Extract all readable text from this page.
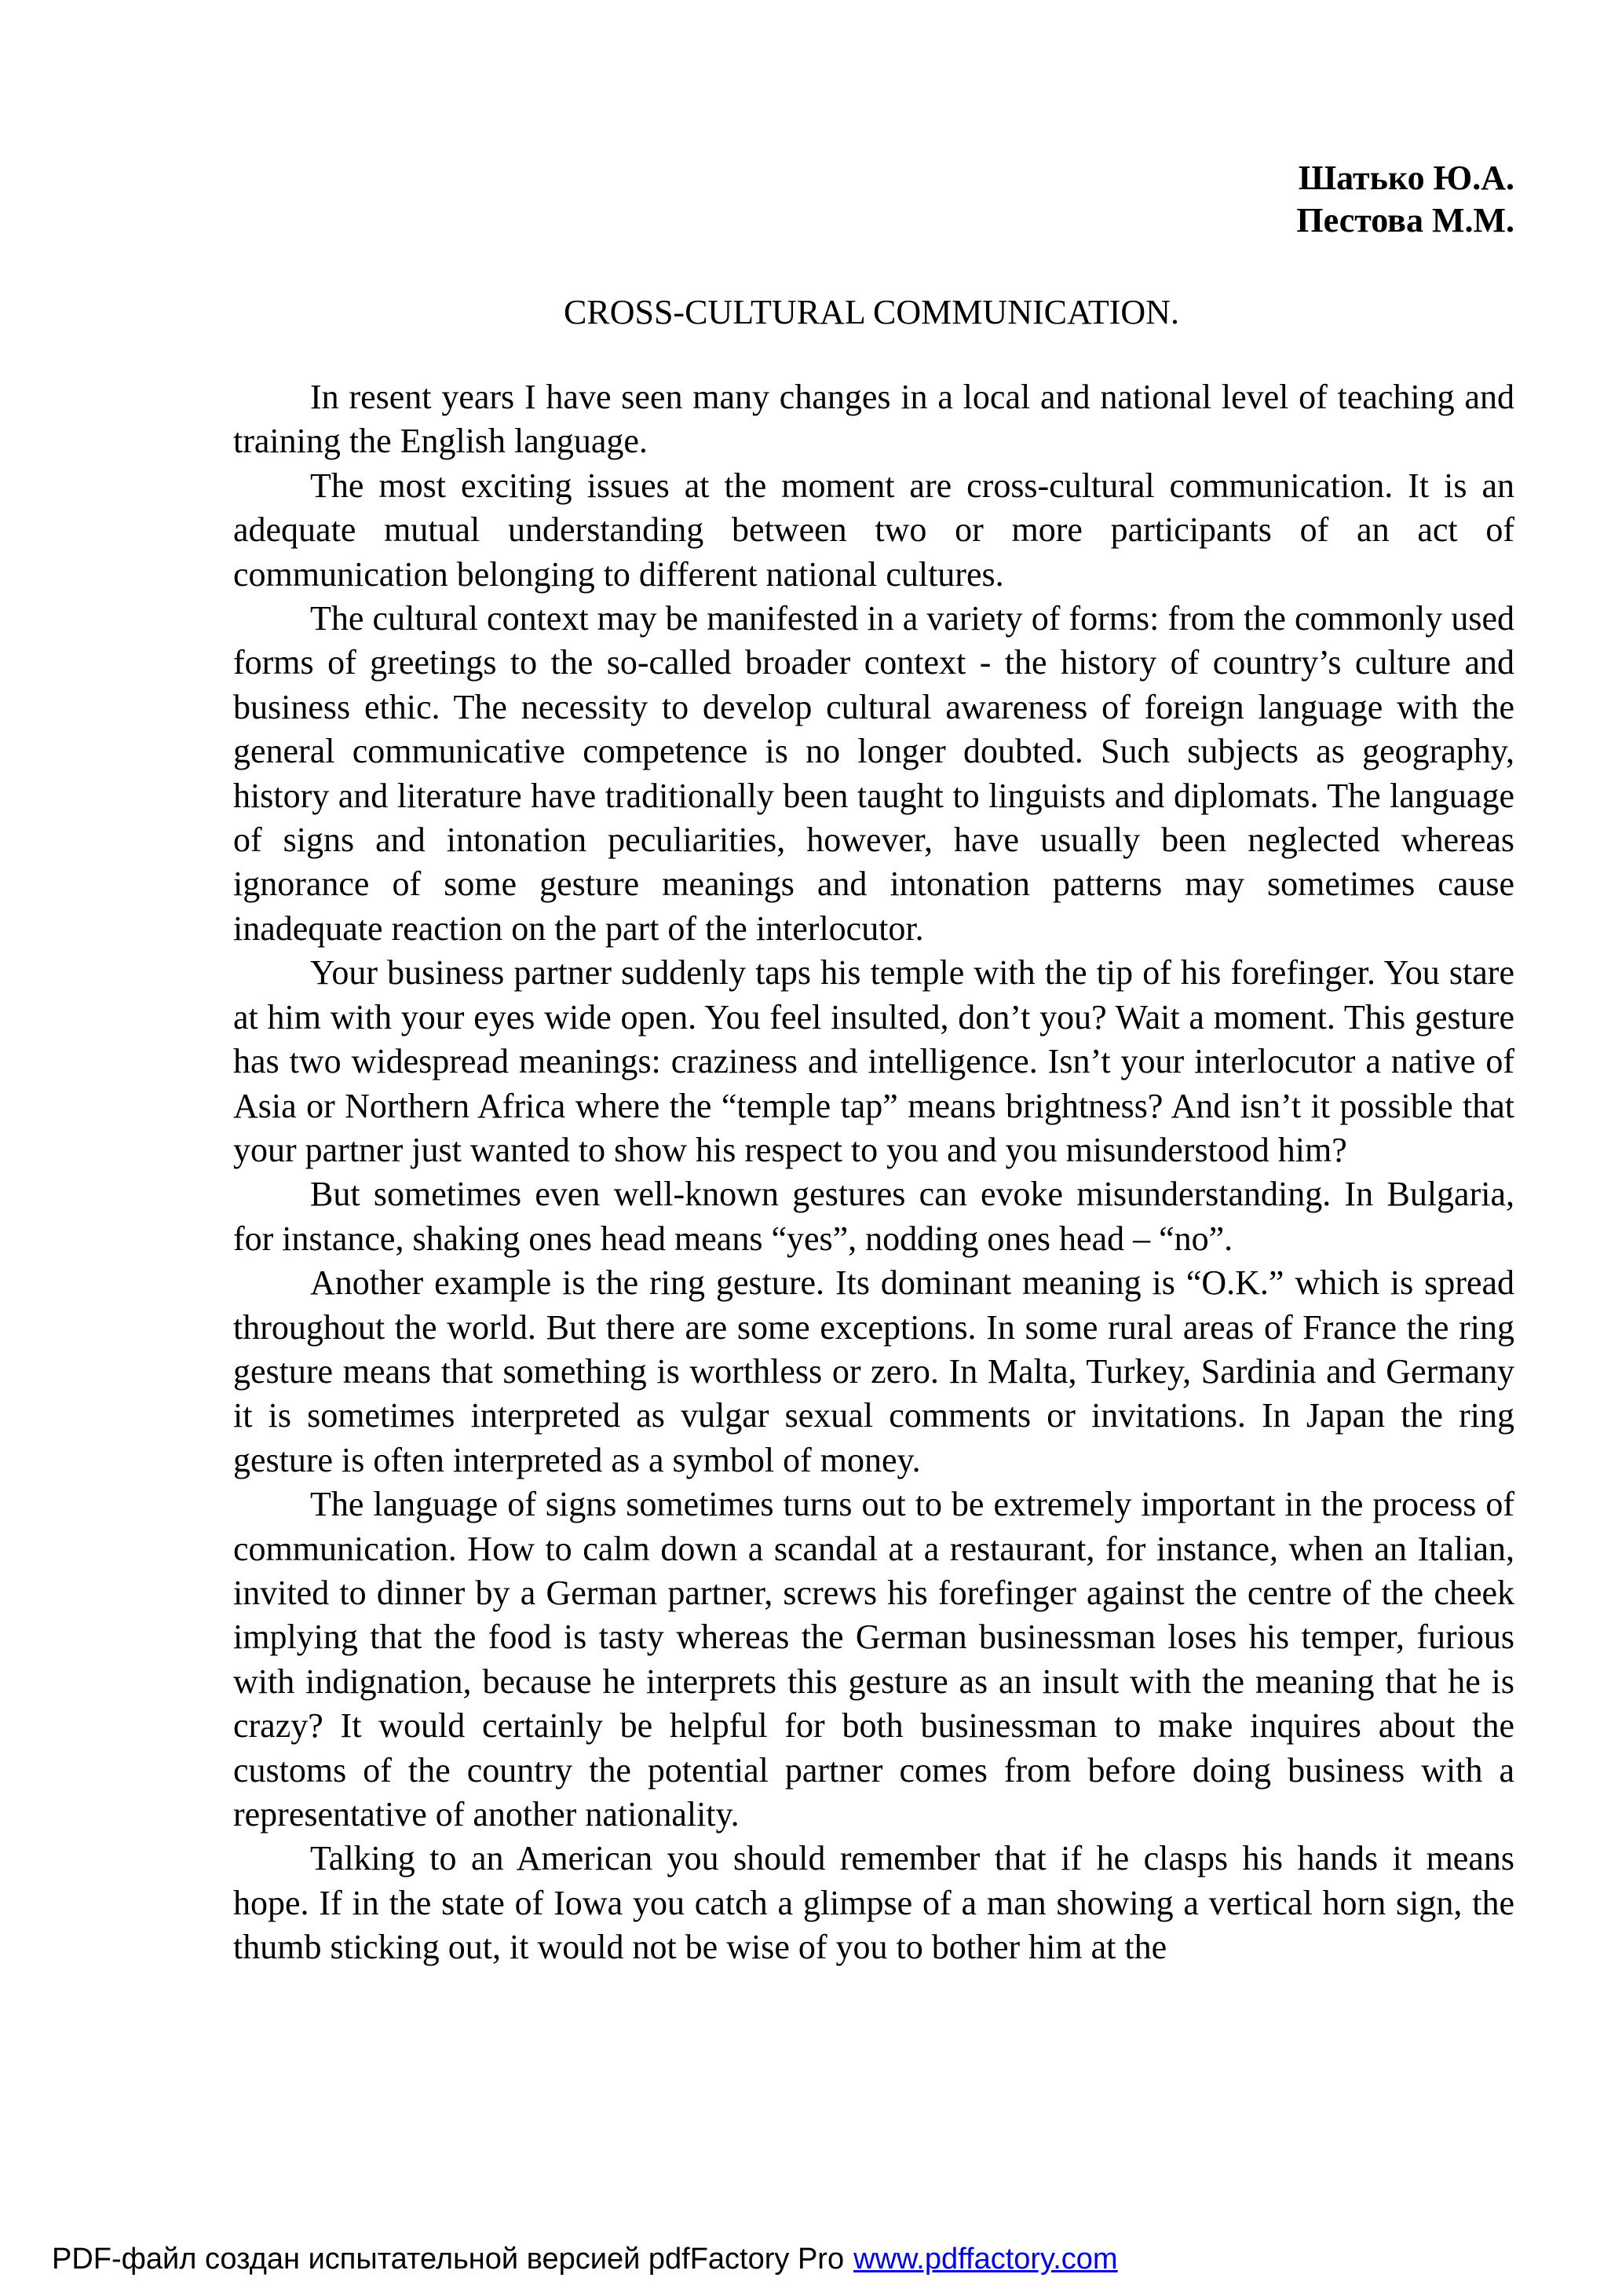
Шатько Ю.А.
Пестова М.М.
CROSS-CULTURAL COMMUNICATION.

In resent years I have seen many changes in a local and national level of teaching and training the English language.

The most exciting issues at the moment are cross-cultural communication. It is an adequate mutual understanding between two or more participants of an act of communication belonging to different national cultures.

The cultural context may be manifested in a variety of forms: from the commonly used forms of greetings to the so-called broader context - the history of country’s culture and business ethic. The necessity to develop cultural awareness of foreign language with the general communicative competence is no longer doubted. Such subjects as geography, history and literature have traditionally been taught to linguists and diplomats. The language of signs and intonation peculiarities, however, have usually been neglected whereas ignorance of some gesture meanings and intonation patterns may sometimes cause inadequate reaction on the part of the interlocutor.

Your business partner suddenly taps his temple with the tip of his forefinger. You stare at him with your eyes wide open. You feel insulted, don’t you? Wait a moment. This gesture has two widespread meanings: craziness and intelligence. Isn’t your interlocutor a native of Asia or Northern Africa where the “temple tap” means brightness? And isn’t it possible that your partner just wanted to show his respect to you and you misunderstood him?

But sometimes even well-known gestures can evoke misunderstanding. In Bulgaria, for instance, shaking ones head means “yes”, nodding ones head – “no”.

Another example is the ring gesture. Its dominant meaning is “O.K.” which is spread throughout the world. But there are some exceptions. In some rural areas of France the ring gesture means that something is worthless or zero. In Malta, Turkey, Sardinia and Germany it is sometimes interpreted as vulgar sexual comments or invitations. In Japan the ring gesture is often interpreted as a symbol of money.

The language of signs sometimes turns out to be extremely important in the process of communication. How to calm down a scandal at a restaurant, for instance, when an Italian, invited to dinner by a German partner, screws his forefinger against the centre of the cheek implying that the food is tasty whereas the German businessman loses his temper, furious with indignation, because he interprets this gesture as an insult with the meaning that he is crazy? It would certainly be helpful for both businessman to make inquires about the customs of the country the potential partner comes from before doing business with a representative of another nationality.

Talking to an American you should remember that if he clasps his hands it means hope. If in the state of Iowa you catch a glimpse of a man showing a vertical horn sign, the thumb sticking out, it would not be wise of you to bother him at the

PDF-файл создан испытательной версией pdfFactory Pro www.pdffactory.com
